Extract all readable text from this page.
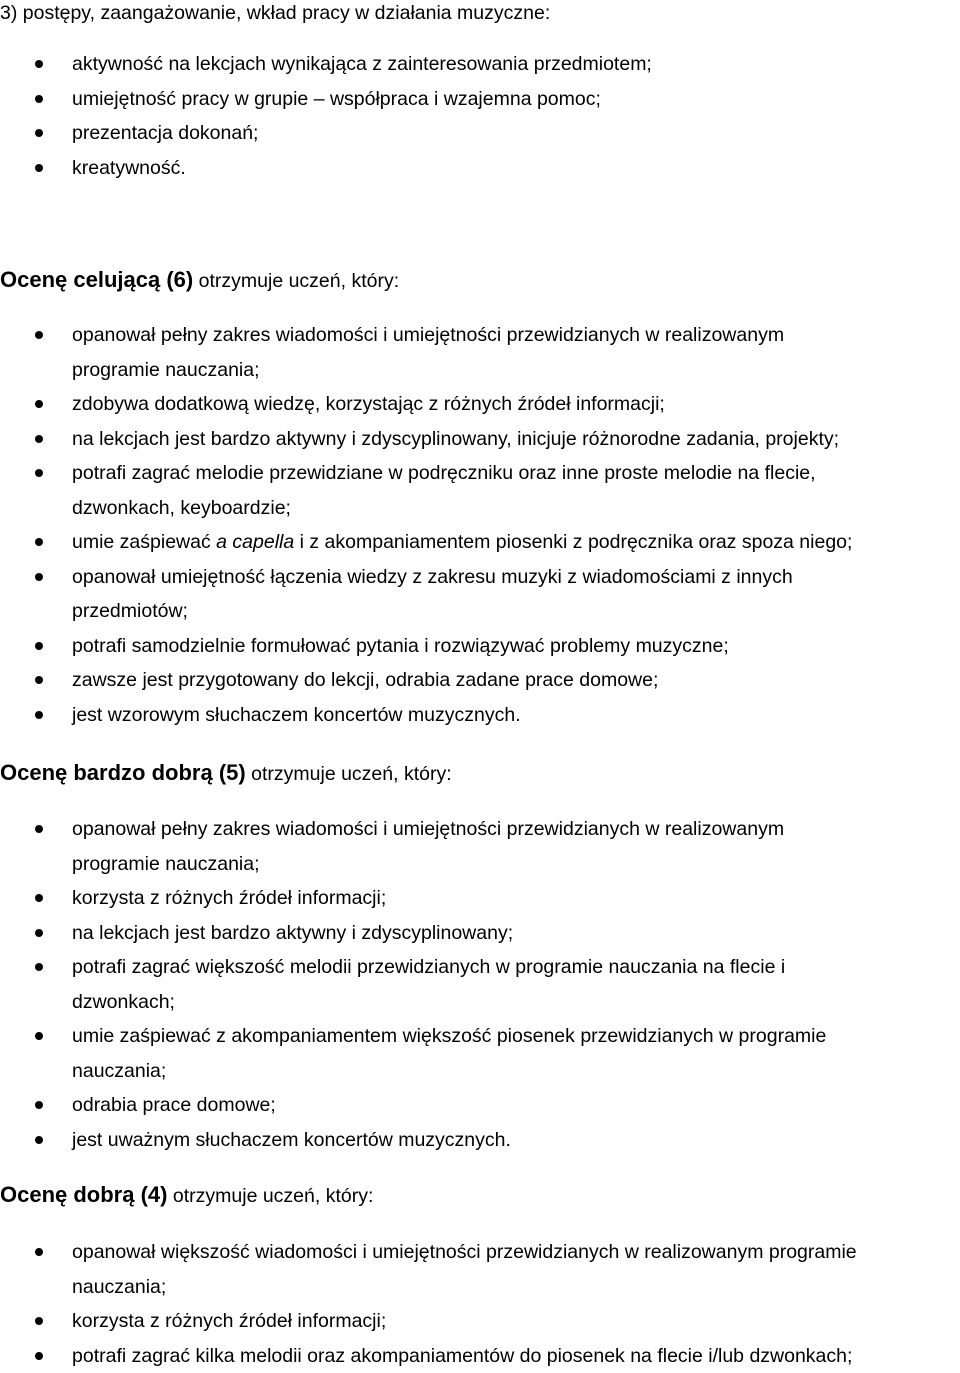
3) postępy, zaangażowanie, wkład pracy w działania muzyczne:
aktywność na lekcjach wynikająca z zainteresowania przedmiotem;
umiejętność pracy w grupie – współpraca i wzajemna pomoc;
prezentacja dokonań;
kreatywność.
Ocenę celującą (6) otrzymuje uczeń, który:
opanował pełny zakres wiadomości i umiejętności przewidzianych w realizowanym
programie nauczania;
zdobywa dodatkową wiedzę, korzystając z różnych źródeł informacji;
na lekcjach jest bardzo aktywny i zdyscyplinowany, inicjuje różnorodne zadania, projekty;
potrafi zagrać melodie przewidziane w podręczniku oraz inne proste melodie na flecie,
dzwonkach, keyboardzie;
umie zaśpiewać a capella i z akompaniamentem piosenki z podręcznika oraz spoza niego;
opanował umiejętność łączenia wiedzy z zakresu muzyki z wiadomościami z innych
przedmiotów;
potrafi samodzielnie formułować pytania i rozwiązywać problemy muzyczne;
zawsze jest przygotowany do lekcji, odrabia zadane prace domowe;
jest wzorowym słuchaczem koncertów muzycznych.
Ocenę bardzo dobrą (5) otrzymuje uczeń, który:
opanował pełny zakres wiadomości i umiejętności przewidzianych w realizowanym
programie nauczania;
korzysta z różnych źródeł informacji;
na lekcjach jest bardzo aktywny i zdyscyplinowany;
potrafi zagrać większość melodii przewidzianych w programie nauczania na flecie i
dzwonkach;
umie zaśpiewać z akompaniamentem większość piosenek przewidzianych w programie
nauczania;
odrabia prace domowe;
jest uważnym słuchaczem koncertów muzycznych.
Ocenę dobrą (4) otrzymuje uczeń, który:
opanował większość wiadomości i umiejętności przewidzianych w realizowanym programie
nauczania;
korzysta z różnych źródeł informacji;
potrafi zagrać kilka melodii oraz akompaniamentów do piosenek na flecie i/lub dzwonkach;
